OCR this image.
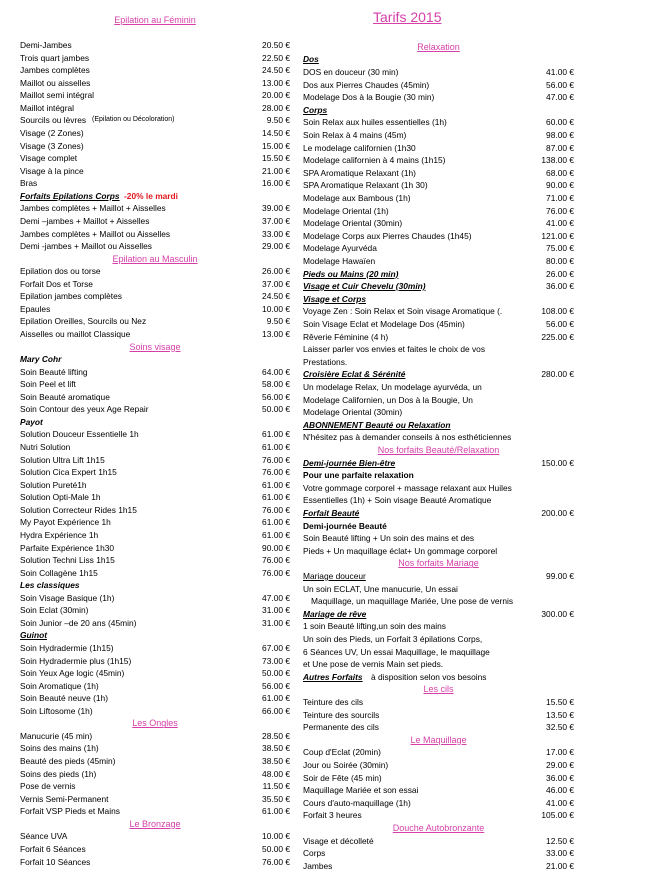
Tarifs 2015
Epilation au Féminin
Demi-Jambes	20.50 €
Trois quart jambes	22.50 €
Jambes complètes	24.50 €
Maillot ou aisselles	13.00 €
Maillot semi intégral	20.00 €
Maillot intégral	28.00 €
Sourcils ou lèvres (Epilation ou Décoloration)	9.50 €
Visage (2 Zones)	14.50 €
Visage (3 Zones)	15.00 €
Visage complet	15.50 €
Visage à la pince	21.00 €
Bras	16.00 €
Forfaits Epilations Corps -20% le mardi
Jambes complètes + Maillot + Aisselles	39.00 €
Demi –jambes + Maillot + Aisselles	37.00 €
Jambes complètes + Maillot ou Aisselles	33.00 €
Demi -jambes + Maillot ou Aisselles	29.00 €
Epilation au Masculin
Epilation dos ou torse	26.00 €
Forfait Dos et Torse	37.00 €
Epilation jambes complètes	24.50 €
Epaules	10.00 €
Epilation Oreilles, Sourcils ou Nez	9.50 €
Aisselles ou maillot Classique	13.00 €
Soins visage
Mary Cohr
Soin Beauté lifting	64.00 €
Soin Peel et lift	58.00 €
Soin Beauté aromatique	56.00 €
Soin Contour des yeux Age Repair	50.00 €
Payot
Solution Douceur Essentielle 1h	61.00 €
Nutri Solution	61.00 €
Solution Ultra Lift 1h15	76.00 €
Solution Cica Expert 1h15	76.00 €
Solution Pureté1h	61.00 €
Solution Opti-Male 1h	61.00 €
Solution Correcteur Rides 1h15	76.00 €
My Payot Expérience 1h	61.00 €
Hydra Expérience 1h	61.00 €
Parfaite Expérience 1h30	90.00 €
Solution Techni Liss 1h15	76.00 €
Soin Collagène 1h15	76.00 €
Les classiques
Soin Visage Basique (1h)	47.00 €
Soin Eclat (30min)	31.00 €
Soin Junior –de 20 ans (45min)	31.00 €
Guinot
Soin Hydradermie (1h15)	67.00 €
Soin Hydradermie plus (1h15)	73.00 €
Soin Yeux Age logic (45min)	50.00 €
Soin Aromatique (1h)	56.00 €
Soin Beauté neuve (1h)	61.00 €
Soin Liftosome (1h)	66.00 €
Les Ongles
Manucurie (45 min)	28.50 €
Soins des mains (1h)	38.50 €
Beauté des pieds (45min)	38.50 €
Soins des pieds (1h)	48.00 €
Pose de vernis	11.50 €
Vernis Semi-Permanent	35.50 €
Forfait VSP Pieds et Mains	61.00 €
Le Bronzage
Séance UVA	10.00 €
Forfait 6 Séances	50.00 €
Forfait 10 Séances	76.00 €
Relaxation
Dos
DOS en douceur (30 min)	41.00 €
Dos aux Pierres Chaudes (45min)	56.00 €
Modelage Dos à la Bougie (30 min)	47.00 €
Corps
Soin Relax aux huiles essentielles (1h)	60.00 €
Soin Relax à 4 mains (45m)	98.00 €
Le modelage californien (1h30	87.00 €
Modelage californien à 4 mains (1h15)	138.00 €
SPA Aromatique Relaxant (1h)	68.00 €
SPA Aromatique Relaxant (1h 30)	90.00 €
Modelage aux Bambous (1h)	71.00 €
Modelage Oriental (1h)	76.00 €
Modelage Oriental (30min)	41.00 €
Modelage Corps aux Pierres Chaudes (1h45)	121.00 €
Modelage Ayurvéda	75.00 €
Modelage Hawaïen	80.00 €
Pieds ou Mains (20 min)	26.00 €
Visage et Cuir Chevelu (30min)	36.00 €
Visage et Corps
Voyage Zen : Soin Relax et Soin visage Aromatique (.	108.00 €
Soin Visage Eclat et Modelage Dos (45min)	56.00 €
Rêverie Féminine (4 h)	225.00 €
Laisser parler vos envies et faites le choix de vos
Prestations.
Croisière Eclat & Sérénité	280.00 €
Un modelage Relax, Un modelage ayurvéda, un
Modelage Californien, un Dos à la Bougie, Un
Modelage Oriental (30min)
ABONNEMENT Beauté ou Relaxation
N'hésitez pas à demander conseils à nos esthéticiennes
Nos forfaits Beauté/Relaxation
Demi-journée Bien-être	150.00 €
Pour une parfaite relaxation
Votre gommage corporel + massage relaxant aux Huiles
Essentielles (1h) + Soin visage Beauté Aromatique
Forfait Beauté	200.00 €
Demi-journée Beauté
Soin Beauté lifting + Un soin des mains et des
Pieds + Un maquillage éclat+ Un gommage corporel
Nos forfaits Mariage
Mariage douceur	99.00 €
Un soin ECLAT, Une manucurie, Un essai
Maquillage, un maquillage Mariée, Une pose de vernis
Mariage de rêve	300.00 €
1 soin Beauté lifting,un soin des mains
Un soin des Pieds, un Forfait 3 épilations Corps,
6 Séances UV, Un essai Maquillage, le maquillage
et Une pose de vernis Main set pieds.
Autres Forfaits à disposition selon vos besoins
Les cils
Teinture des cils	15.50 €
Teinture des sourcils	13.50 €
Permanente des cils	32.50 €
Le Maquillage
Coup d'Eclat (20min)	17.00 €
Jour ou Soirée (30min)	29.00 €
Soir de Fête (45 min)	36.00 €
Maquillage Mariée et son essai	46.00 €
Cours d'auto-maquillage (1h)	41.00 €
Forfait 3 heures	105.00 €
Douche Autobronzante
Visage et décolleté	12.50 €
Corps	33.00 €
Jambes	21.00 €
